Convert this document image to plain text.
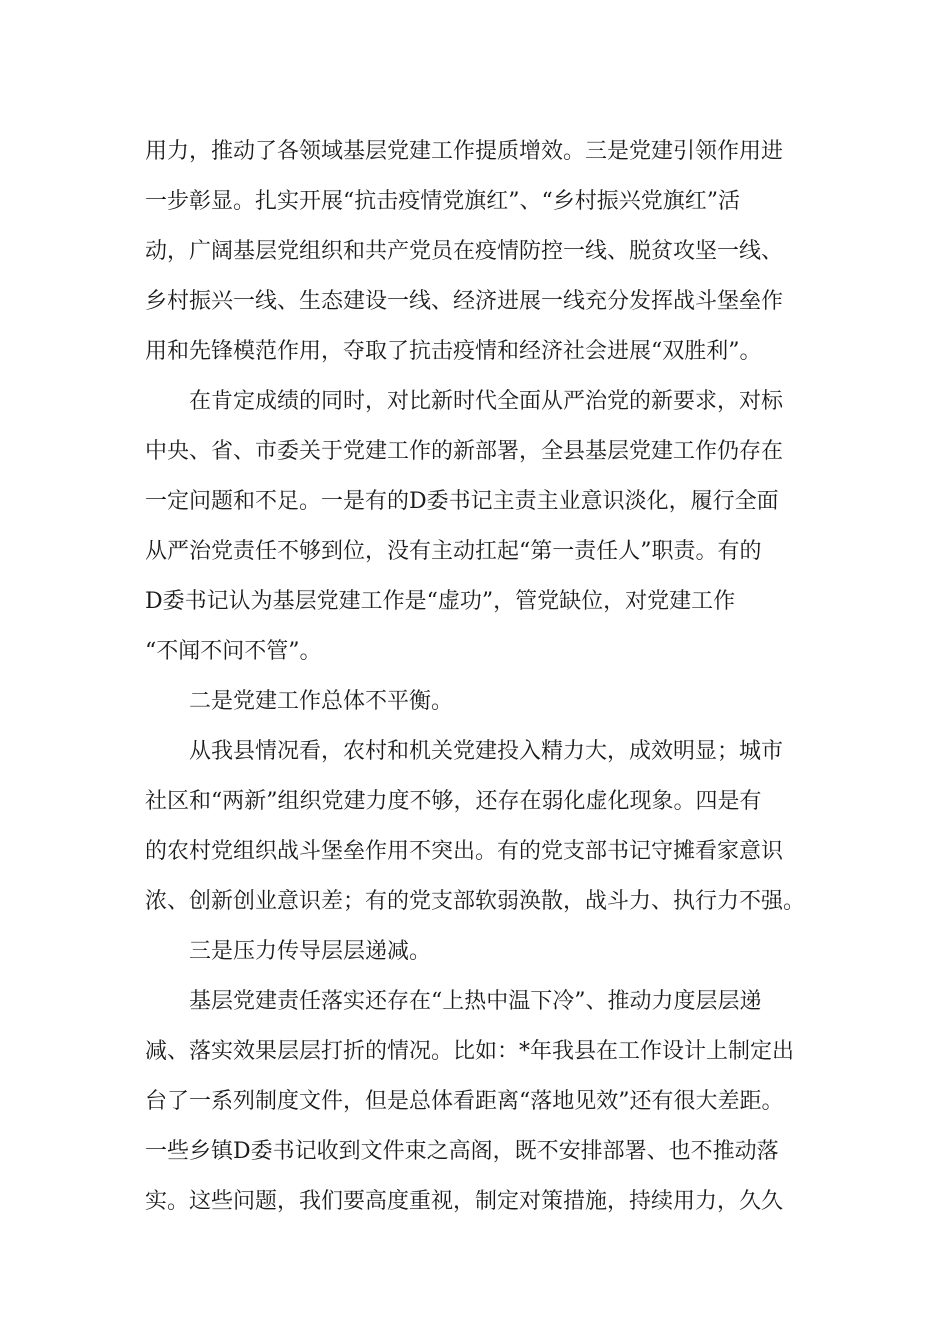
用力，推动了各领域基层党建工作提质增效。三是党建引领作用进
一步彰显。扎实开展“抗击疫情党旗红”、“乡村振兴党旗红”活
动，广阔基层党组织和共产党员在疫情防控一线、脱贫攻坚一线、
乡村振兴一线、生态建设一线、经济进展一线充分发挥战斗堡垒作
用和先锋模范作用，夺取了抗击疫情和经济社会进展“双胜利”。
在肯定成绩的同时，对比新时代全面从严治党的新要求，对标
中央、省、市委关于党建工作的新部署，全县基层党建工作仍存在
一定问题和不足。一是有的D委书记主责主业意识淡化，履行全面
从严治党责任不够到位，没有主动扛起“第一责任人”职责。有的
D委书记认为基层党建工作是“虚功”，管党缺位，对党建工作
“不闻不问不管”。
二是党建工作总体不平衡。
从我县情况看，农村和机关党建投入精力大，成效明显；城市
社区和“两新”组织党建力度不够，还存在弱化虚化现象。四是有
的农村党组织战斗堡垒作用不突出。有的党支部书记守摊看家意识
浓、创新创业意识差；有的党支部软弱涣散，战斗力、执行力不强。
三是压力传导层层递减。
基层党建责任落实还存在“上热中温下冷”、推动力度层层递
减、落实效果层层打折的情况。比如：*年我县在工作设计上制定出
台了一系列制度文件，但是总体看距离“落地见效”还有很大差距。
一些乡镇D委书记收到文件束之高阁，既不安排部署、也不推动落
实。这些问题，我们要高度重视，制定对策措施，持续用力，久久
